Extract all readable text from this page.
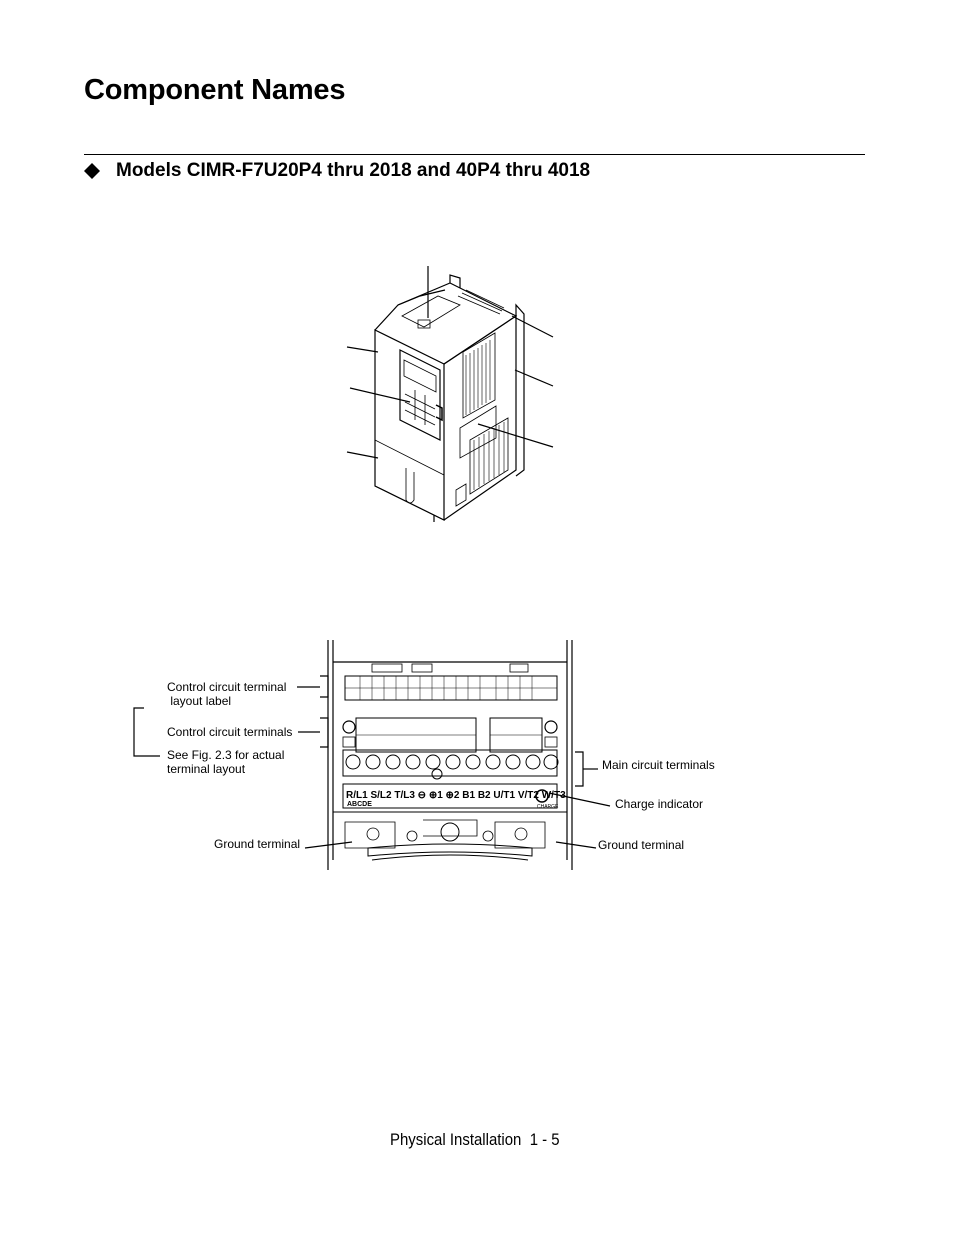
Component Names
Models CIMR-F7U20P4 thru 2018 and 40P4 thru 4018
R/L1 S/L2 T/L3 ⊖ ⊕1 ⊕2 B1 B2 U/T1 V/T2 W/T3
ABCDE	CHARGE
Control circuit terminal
layout label
Control circuit terminals
See Fig. 2.3 for actual
terminal layout
Ground terminal
Main circuit terminals
Charge indicator
Ground terminal
Physical Installation  1 - 5
